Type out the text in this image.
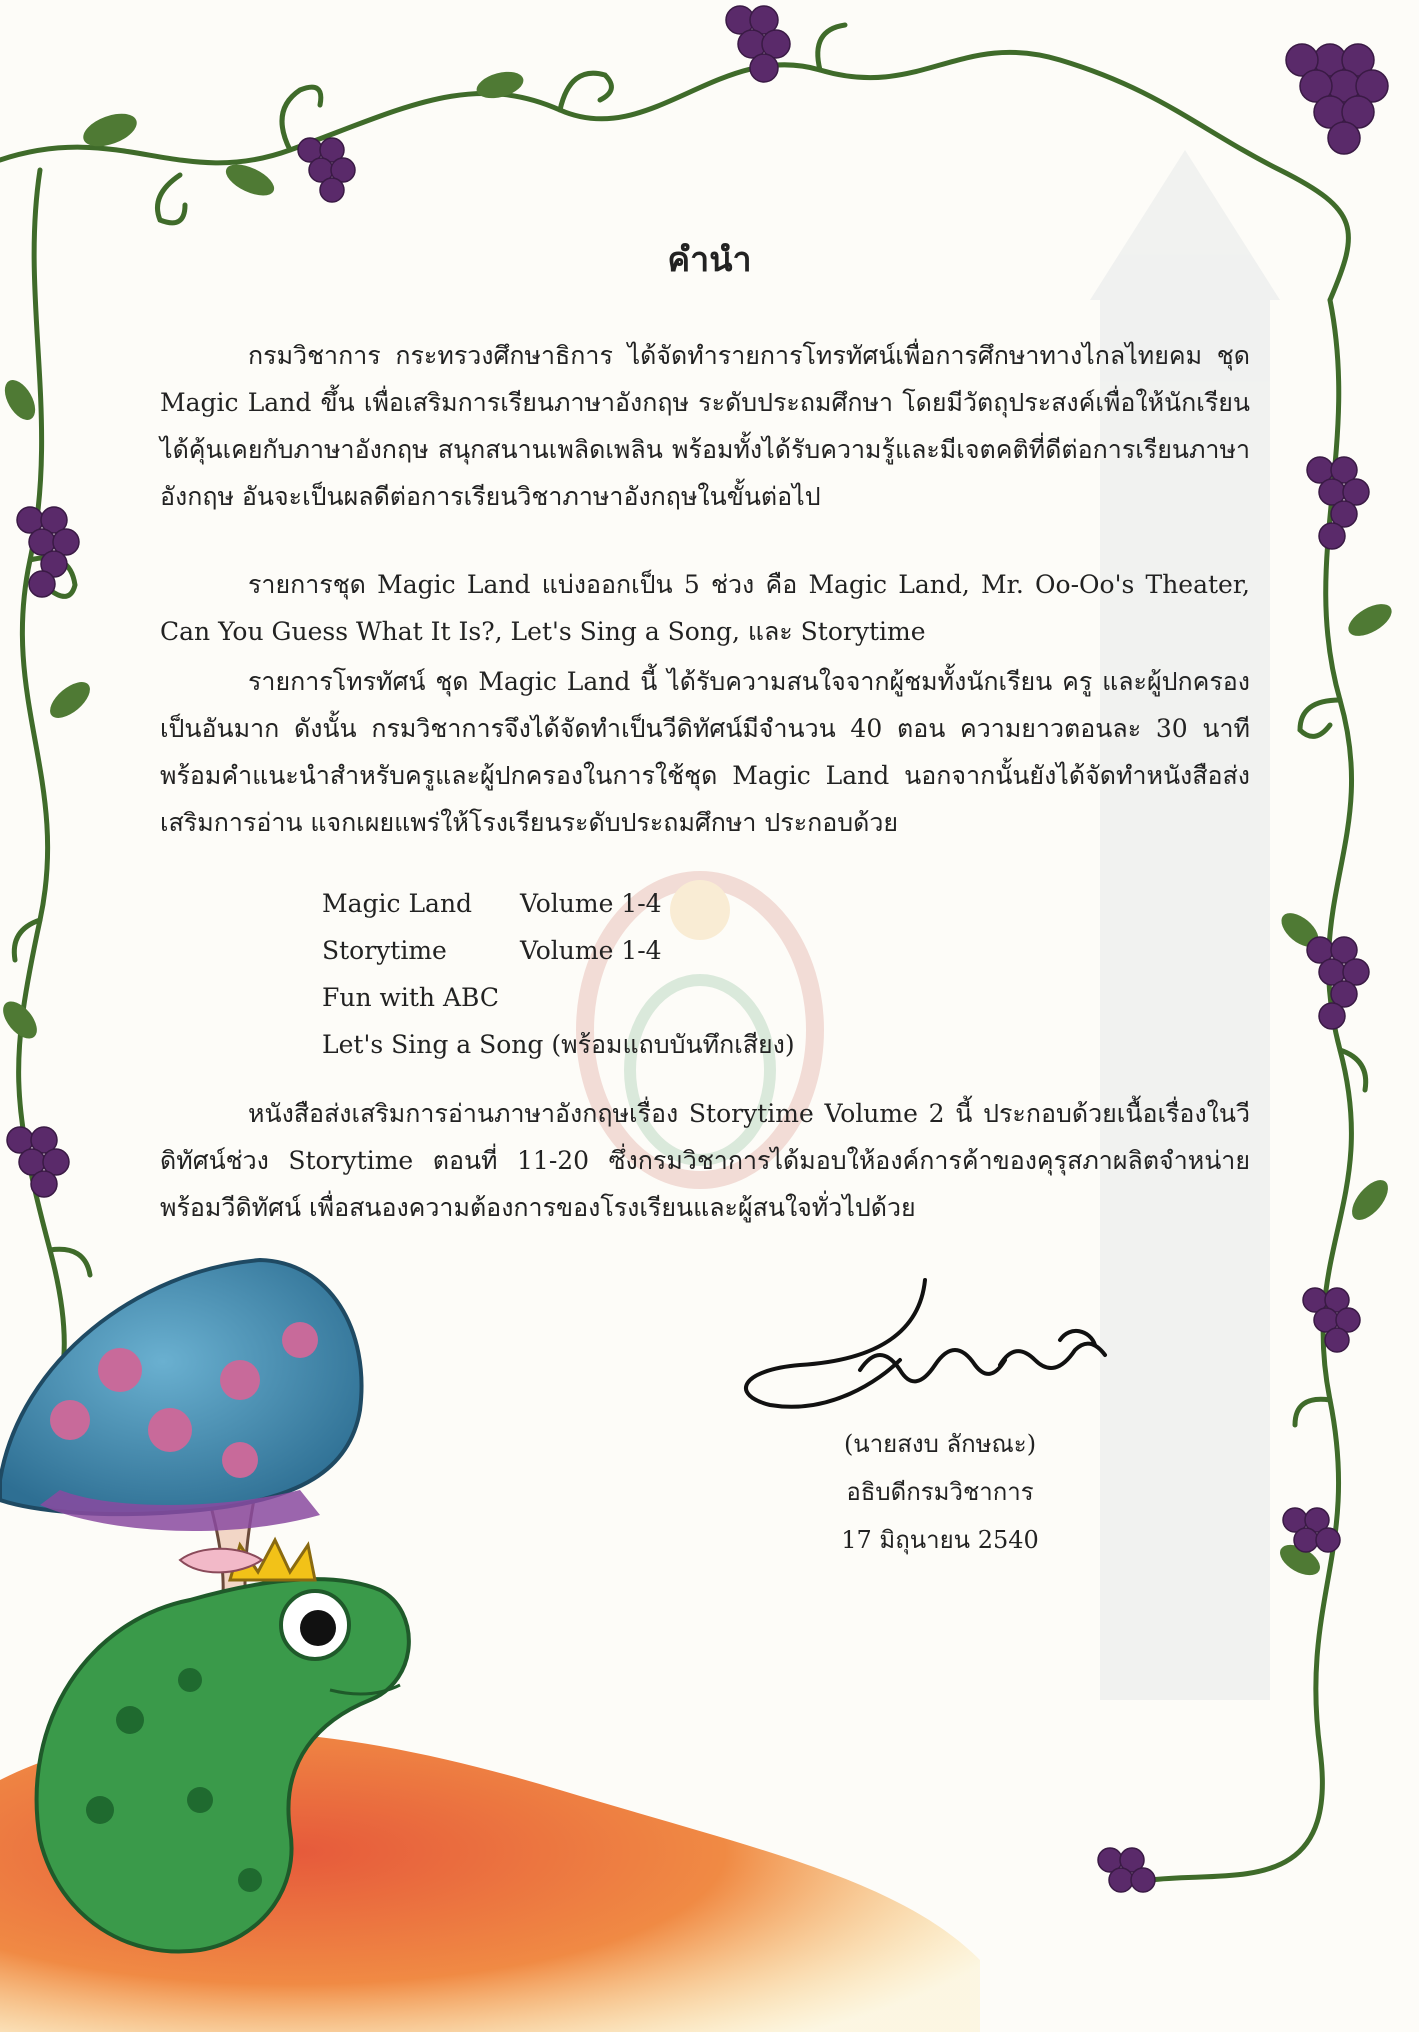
คำนำ
กรมวิชาการ กระทรวงศึกษาธิการ ได้จัดทำรายการโทรทัศน์เพื่อการศึกษาทางไกลไทยคม ชุด Magic Land ขึ้น เพื่อเสริมการเรียนภาษาอังกฤษ ระดับประถมศึกษา โดยมีวัตถุประสงค์เพื่อให้นักเรียนได้คุ้นเคยกับภาษาอังกฤษ สนุกสนานเพลิดเพลิน พร้อมทั้งได้รับความรู้และมีเจตคติที่ดีต่อการเรียนภาษาอังกฤษ อันจะเป็นผลดีต่อการเรียนวิชาภาษาอังกฤษในขั้นต่อไป
รายการชุด Magic Land แบ่งออกเป็น 5 ช่วง คือ Magic Land, Mr. Oo-Oo's Theater, Can You Guess What It Is?, Let's Sing a Song, และ Storytime
รายการโทรทัศน์ ชุด Magic Land นี้ ได้รับความสนใจจากผู้ชมทั้งนักเรียน ครู และผู้ปกครองเป็นอันมาก ดังนั้น กรมวิชาการจึงได้จัดทำเป็นวีดิทัศน์มีจำนวน 40 ตอน ความยาวตอนละ 30 นาที พร้อมคำแนะนำสำหรับครูและผู้ปกครองในการใช้ชุด Magic Land นอกจากนั้นยังได้จัดทำหนังสือส่งเสริมการอ่าน แจกเผยแพร่ให้โรงเรียนระดับประถมศึกษา ประกอบด้วย
Magic Land Volume 1-4
Storytime	Volume 1-4
Fun with ABC
Let's Sing a Song (พร้อมแถบบันทึกเสียง)
หนังสือส่งเสริมการอ่านภาษาอังกฤษเรื่อง Storytime Volume 2 นี้ ประกอบด้วยเนื้อเรื่องในวีดิทัศน์ช่วง Storytime ตอนที่ 11-20 ซึ่งกรมวิชาการได้มอบให้องค์การค้าของคุรุสภาผลิตจำหน่ายพร้อมวีดิทัศน์ เพื่อสนองความต้องการของโรงเรียนและผู้สนใจทั่วไปด้วย
(นายสงบ ลักษณะ)
อธิบดีกรมวิชาการ
17 มิถุนายน 2540
